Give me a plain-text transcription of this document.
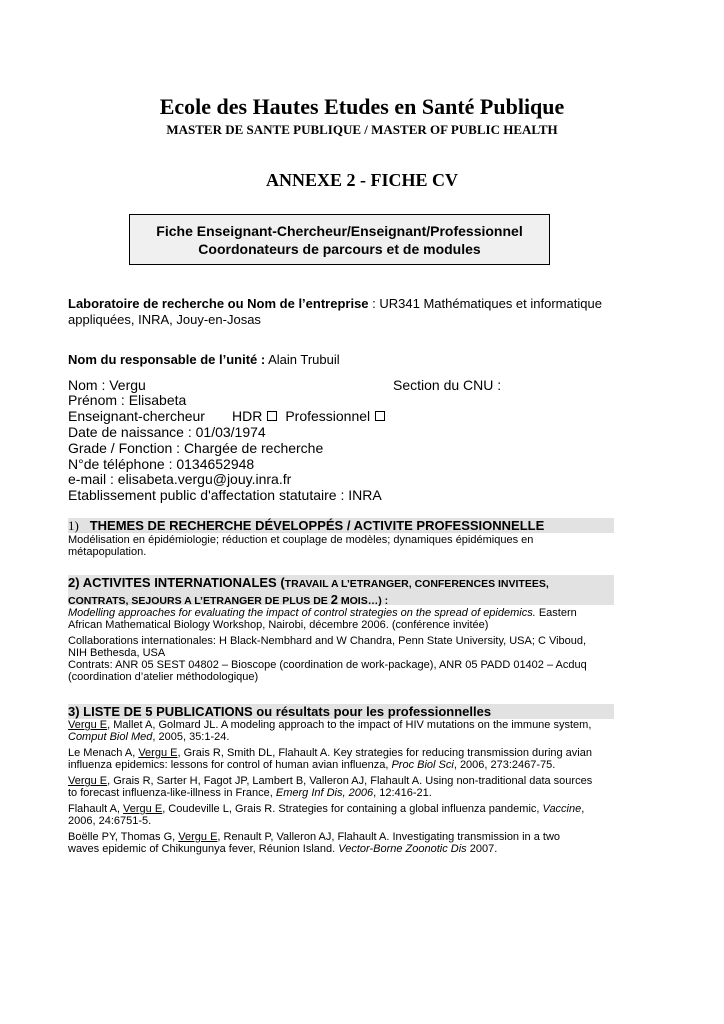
Ecole des Hautes Etudes en Santé Publique
MASTER DE SANTE PUBLIQUE / MASTER OF PUBLIC HEALTH
ANNEXE 2 - FICHE CV
Fiche Enseignant-Chercheur/Enseignant/Professionnel
Coordonateurs de parcours et de modules
Laboratoire de recherche ou Nom de l’entreprise : UR341 Mathématiques et informatique
appliquées, INRA, Jouy-en-Josas
Nom du responsable de l’unité : Alain Trubuil
Nom : Vergu	Section du CNU :
Prénom : Elisabeta
Enseignant-chercheur HDR Professionnel
Date de naissance : 01/03/1974
Grade / Fonction : Chargée de recherche
N°de téléphone : 0134652948
e-mail : elisabeta.vergu@jouy.inra.fr
Etablissement public d'affectation statutaire : INRA
1) THEMES DE RECHERCHE DÉVELOPPÉS / ACTIVITE PROFESSIONNELLE
Modélisation en épidémiologie; réduction et couplage de modèles; dynamiques épidémiques en
métapopulation.
2) ACTIVITES INTERNATIONALES (TRAVAIL A L’ETRANGER, CONFERENCES INVITEES,
CONTRATS, SEJOURS A L’ETRANGER DE PLUS DE 2 MOIS…) :
Modelling approaches for evaluating the impact of control strategies on the spread of epidemics. Eastern
African Mathematical Biology Workshop, Nairobi, décembre 2006. (conférence invitée)
Collaborations internationales: H Black-Nembhard and W Chandra, Penn State University, USA; C Viboud,
NIH Bethesda, USA
Contrats: ANR 05 SEST 04802 – Bioscope (coordination de work-package), ANR 05 PADD 01402 – Acduq
(coordination d’atelier méthodologique)
3) LISTE DE 5 PUBLICATIONS ou résultats pour les professionnelles
Vergu E, Mallet A, Golmard JL. A modeling approach to the impact of HIV mutations on the immune system,
Comput Biol Med, 2005, 35:1-24.
Le Menach A, Vergu E, Grais R, Smith DL, Flahault A. Key strategies for reducing transmission during avian
influenza epidemics: lessons for control of human avian influenza, Proc Biol Sci, 2006, 273:2467-75.
Vergu E, Grais R, Sarter H, Fagot JP, Lambert B, Valleron AJ, Flahault A. Using non-traditional data sources
to forecast influenza-like-illness in France, Emerg Inf Dis, 2006, 12:416-21.
Flahault A, Vergu E, Coudeville L, Grais R. Strategies for containing a global influenza pandemic, Vaccine,
2006, 24:6751-5.
Boëlle PY, Thomas G, Vergu E, Renault P, Valleron AJ, Flahault A. Investigating transmission in a two
waves epidemic of Chikungunya fever, Réunion Island. Vector-Borne Zoonotic Dis 2007.
